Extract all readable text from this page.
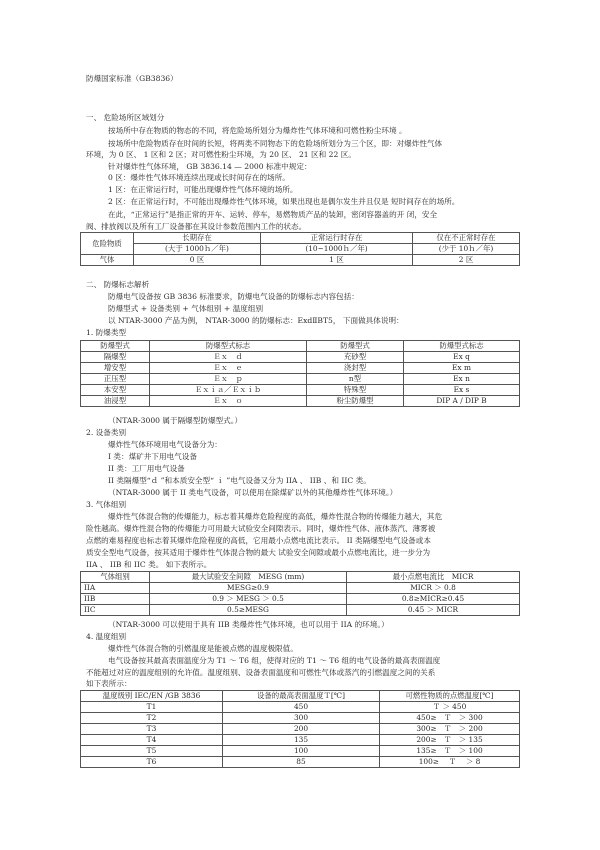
防爆国家标准（GB3836）
一、 危险场所区域划分
按场所中存在物质的物态的不同，将危险场所划分为爆炸性气体环境和可燃性粉尘环境 。
按场所中危险物质存在时间的长短，将两类不同物态下的危险场所划分为三个区，即：对爆炸性气体
环境，为 0 区、 1 区和 2 区；对可燃性粉尘环境，为 20 区、 21 区和 22 区。
针对爆炸性气体环境， GB 3836.14 — 2000 标准中规定：
0 区：爆炸性气体环境连续出现或长时间存在的场所。
1 区：在正常运行时，可能出现爆炸性气体环境的场所。
2 区：在正常运行时，不可能出现爆炸性气体环境，如果出现也是偶尔发生并且仅是 短时间存在的场所。
在此，“正常运行”是指正常的开车、运转、停车，易燃物质产品的装卸，密闭容器盖的开 闭，安全
阀、排放阀以及所有工厂设备都在其设计参数范围内工作的状态。
危险物质	长期存在	正常运行时存在	仅在不正常时存在
	(大于 1000ｈ／年)	(10~1000ｈ／年)	(少于 10ｈ／年)
气体	0 区	1 区	2 区
二、 防爆标志解析
防爆电气设备按 GB 3836 标准要求，防爆电气设备的防爆标志内容包括：
防爆型式 + 设备类别 + 气体组别 + 温度组别
以 NTAR-3000 产品为例， NTAR-3000 的防爆标志：ExdⅡBT5， 下面做具体说明：
1. 防爆类型
防爆型式	防爆型式标志	防爆型式	防爆型式标志
隔爆型	Ｅｘ　ｄ	充砂型	Ex q
增安型	Ｅｘ　ｅ	浇封型	Ex m
正压型	Ｅｘ　ｐ	n型	Ex n
本安型	Ｅｘｉａ／Ｅｘｉｂ	特殊型	Ex s
油浸型	Ｅｘ　ｏ	粉尘防爆型	DIP A / DIP B
（NTAR-3000 属于隔爆型防爆型式。）
2. 设备类别
爆炸性气体环境用电气设备分为：
I 类：煤矿井下用电气设备
II 类：工厂用电气设备
II 类隔爆型“ｄ ”和本质安全型“ ｉ ”电气设备又分为 IIA 、 IIB 、和 IIC 类。
（NTAR-3000 属于 II 类电气设备，可以使用在除煤矿以外的其他爆炸性气体环境。）
3. 气体组别
爆炸性气体混合物的传爆能力，标志着其爆炸危险程度的高低，爆炸性混合物的传爆能力越大，其危
险性越高。爆炸性混合物的传爆能力可用最大试验安全间隙表示。同时，爆炸性气体、液体蒸汽、薄雾被
点燃的难易程度也标志着其爆炸危险程度的高低，它用最小点燃电流比表示。 II 类隔爆型电气设备或本
质安全型电气设备，按其适用于爆炸性气体混合物的最大 试验安全间隙或最小点燃电流比，进一步分为
IIA 、 IIB 和 IIC 类。 如下表所示。
气体组别	最大试验安全间隙　MESG (mm)	最小点燃电流比　MICR
IIA	MESG≥0.9	MICR ＞ 0.8
IIB	0.9 ＞ MESG ＞ 0.5	0.8≥MICR≥0.45
IIC	0.5≥MESG	0.45 ＞ MICR
（NTAR-3000 可以使用于具有 IIB 类爆炸性气体环境，也可以用于 IIA 的环境。）
4. 温度组别
爆炸性气体混合物的引燃温度是能被点燃的温度极限值。
电气设备按其最高表面温度分为 T1 ～ T6 组，使得对应的 T1 ～ T6 组的电气设备的最高表面温度
不能超过对应的温度组别的允许值。温度组别、设备表面温度和可燃性气体或蒸汽的引燃温度之间的关系
如下表所示：
温度级别 IEC/EN /GB 3836	设备的最高表面温度Ｔ[℃]	可燃性物质的点燃温度[℃]
T1	450	Ｔ ＞ 450
T2	300	450≥　Ｔ　＞ 300
T3	200	300≥　Ｔ　＞ 200
T4	135	200≥　Ｔ　＞ 135
T5	100	135≥　Ｔ　＞ 100
T6	85	100≥　 Ｔ　 ＞ 8
